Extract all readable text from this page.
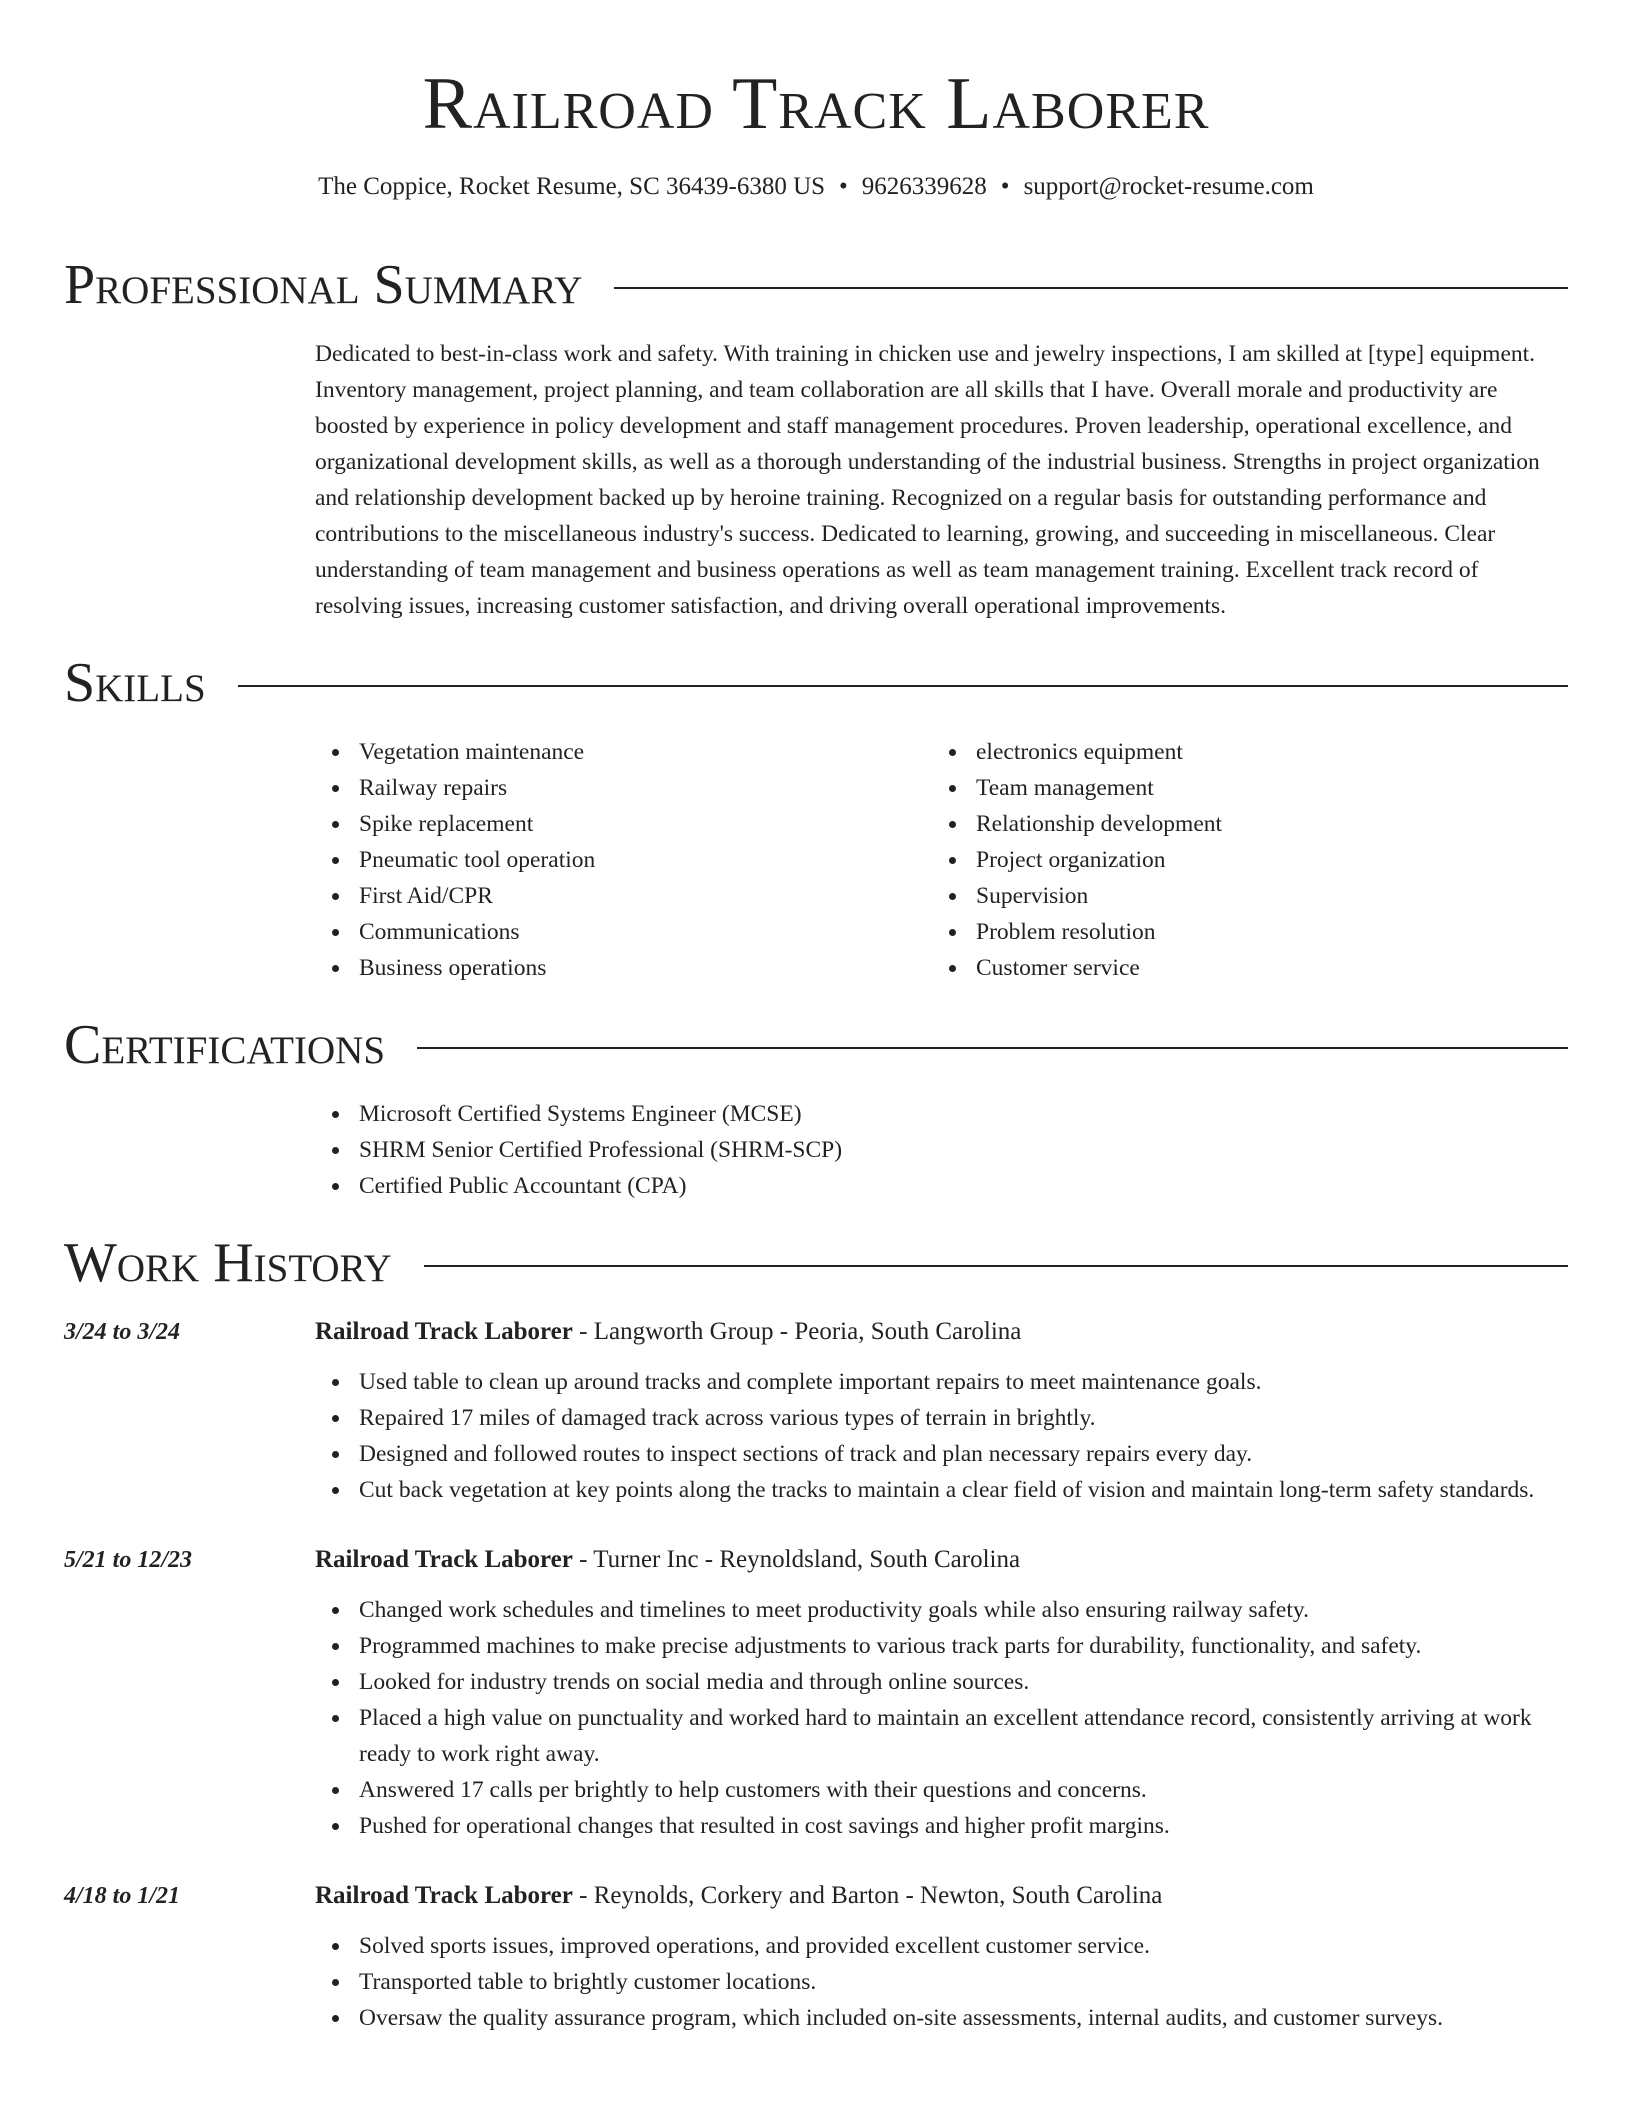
Railroad Track Laborer
The Coppice, Rocket Resume, SC 36439-6380 US • 9626339628 • support@rocket-resume.com
Professional Summary
Dedicated to best-in-class work and safety. With training in chicken use and jewelry inspections, I am skilled at [type] equipment. Inventory management, project planning, and team collaboration are all skills that I have. Overall morale and productivity are boosted by experience in policy development and staff management procedures. Proven leadership, operational excellence, and organizational development skills, as well as a thorough understanding of the industrial business. Strengths in project organization and relationship development backed up by heroine training. Recognized on a regular basis for outstanding performance and contributions to the miscellaneous industry's success. Dedicated to learning, growing, and succeeding in miscellaneous. Clear understanding of team management and business operations as well as team management training. Excellent track record of resolving issues, increasing customer satisfaction, and driving overall operational improvements.
Skills
Vegetation maintenance
Railway repairs
Spike replacement
Pneumatic tool operation
First Aid/CPR
Communications
Business operations
electronics equipment
Team management
Relationship development
Project organization
Supervision
Problem resolution
Customer service
Certifications
Microsoft Certified Systems Engineer (MCSE)
SHRM Senior Certified Professional (SHRM-SCP)
Certified Public Accountant (CPA)
Work History
3/24 to 3/24	Railroad Track Laborer - Langworth Group - Peoria, South Carolina
Used table to clean up around tracks and complete important repairs to meet maintenance goals.
Repaired 17 miles of damaged track across various types of terrain in brightly.
Designed and followed routes to inspect sections of track and plan necessary repairs every day.
Cut back vegetation at key points along the tracks to maintain a clear field of vision and maintain long-term safety standards.
5/21 to 12/23	Railroad Track Laborer - Turner Inc - Reynoldsland, South Carolina
Changed work schedules and timelines to meet productivity goals while also ensuring railway safety.
Programmed machines to make precise adjustments to various track parts for durability, functionality, and safety.
Looked for industry trends on social media and through online sources.
Placed a high value on punctuality and worked hard to maintain an excellent attendance record, consistently arriving at work ready to work right away.
Answered 17 calls per brightly to help customers with their questions and concerns.
Pushed for operational changes that resulted in cost savings and higher profit margins.
4/18 to 1/21	Railroad Track Laborer - Reynolds, Corkery and Barton - Newton, South Carolina
Solved sports issues, improved operations, and provided excellent customer service.
Transported table to brightly customer locations.
Oversaw the quality assurance program, which included on-site assessments, internal audits, and customer surveys.
